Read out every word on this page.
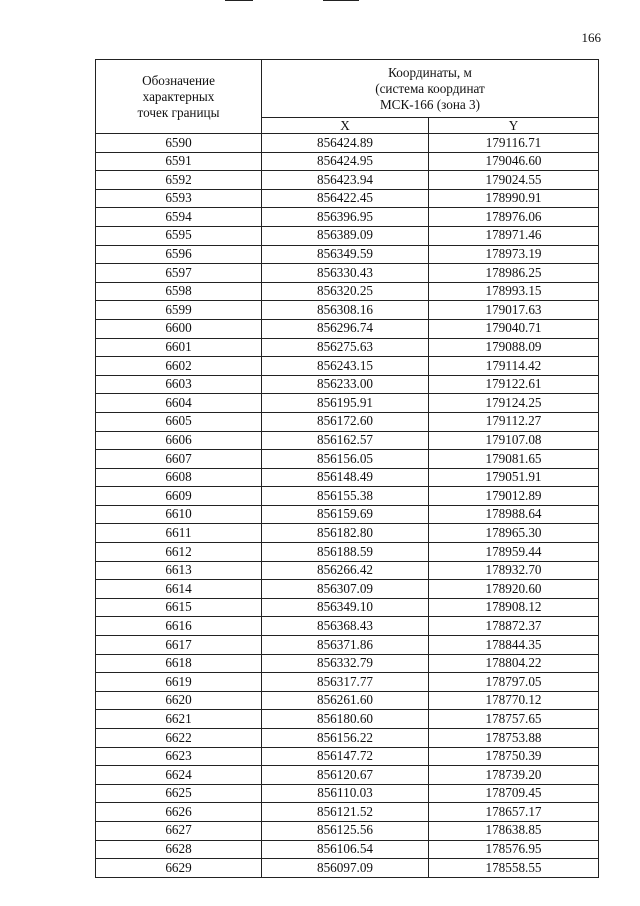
166
Обозначение
характерных
точек границы	Координаты, м
(система координат
МСК-166 (зона 3)	

	X	Y
6590	856424.89	179116.71
6591	856424.95	179046.60
6592	856423.94	179024.55
6593	856422.45	178990.91
6594	856396.95	178976.06
6595	856389.09	178971.46
6596	856349.59	178973.19
6597	856330.43	178986.25
6598	856320.25	178993.15
6599	856308.16	179017.63
6600	856296.74	179040.71
6601	856275.63	179088.09
6602	856243.15	179114.42
6603	856233.00	179122.61
6604	856195.91	179124.25
6605	856172.60	179112.27
6606	856162.57	179107.08
6607	856156.05	179081.65
6608	856148.49	179051.91
6609	856155.38	179012.89
6610	856159.69	178988.64
6611	856182.80	178965.30
6612	856188.59	178959.44
6613	856266.42	178932.70
6614	856307.09	178920.60
6615	856349.10	178908.12
6616	856368.43	178872.37
6617	856371.86	178844.35
6618	856332.79	178804.22
6619	856317.77	178797.05
6620	856261.60	178770.12
6621	856180.60	178757.65
6622	856156.22	178753.88
6623	856147.72	178750.39
6624	856120.67	178739.20
6625	856110.03	178709.45
6626	856121.52	178657.17
6627	856125.56	178638.85
6628	856106.54	178576.95
6629	856097.09	178558.55
